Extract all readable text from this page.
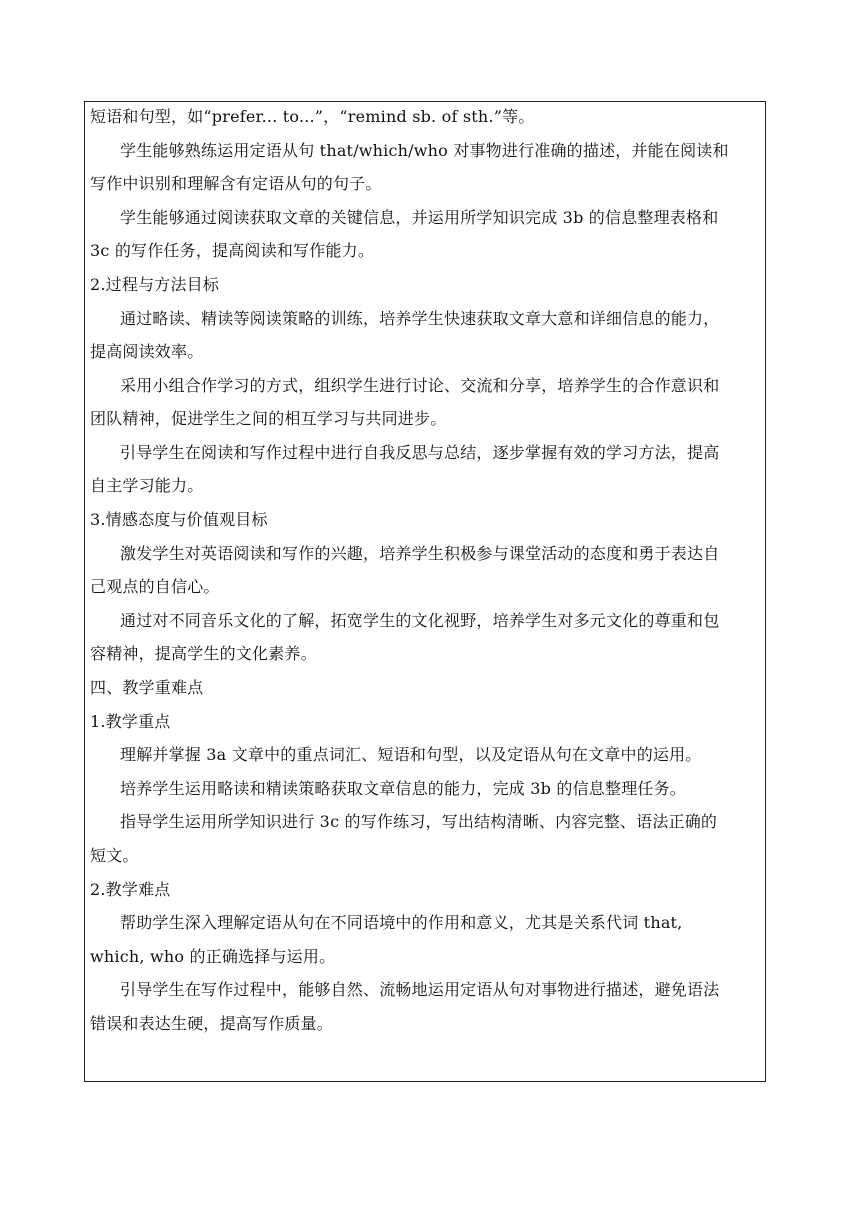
短语和句型，如“prefer... to...”，“remind sb. of sth.”等。

学生能够熟练运用定语从句 that/which/who 对事物进行准确的描述，并能在阅读和

写作中识别和理解含有定语从句的句子。

学生能够通过阅读获取文章的关键信息，并运用所学知识完成 3b 的信息整理表格和

3c 的写作任务，提高阅读和写作能力。

2.过程与方法目标

通过略读、精读等阅读策略的训练，培养学生快速获取文章大意和详细信息的能力，

提高阅读效率。

采用小组合作学习的方式，组织学生进行讨论、交流和分享，培养学生的合作意识和

团队精神，促进学生之间的相互学习与共同进步。

引导学生在阅读和写作过程中进行自我反思与总结，逐步掌握有效的学习方法，提高

自主学习能力。

3.情感态度与价值观目标

激发学生对英语阅读和写作的兴趣，培养学生积极参与课堂活动的态度和勇于表达自

己观点的自信心。

通过对不同音乐文化的了解，拓宽学生的文化视野，培养学生对多元文化的尊重和包

容精神，提高学生的文化素养。

四、教学重难点

1.教学重点

理解并掌握 3a 文章中的重点词汇、短语和句型，以及定语从句在文章中的运用。

培养学生运用略读和精读策略获取文章信息的能力，完成 3b 的信息整理任务。

指导学生运用所学知识进行 3c 的写作练习，写出结构清晰、内容完整、语法正确的

短文。

2.教学难点

帮助学生深入理解定语从句在不同语境中的作用和意义，尤其是关系代词 that,

which, who 的正确选择与运用。

引导学生在写作过程中，能够自然、流畅地运用定语从句对事物进行描述，避免语法

错误和表达生硬，提高写作质量。
